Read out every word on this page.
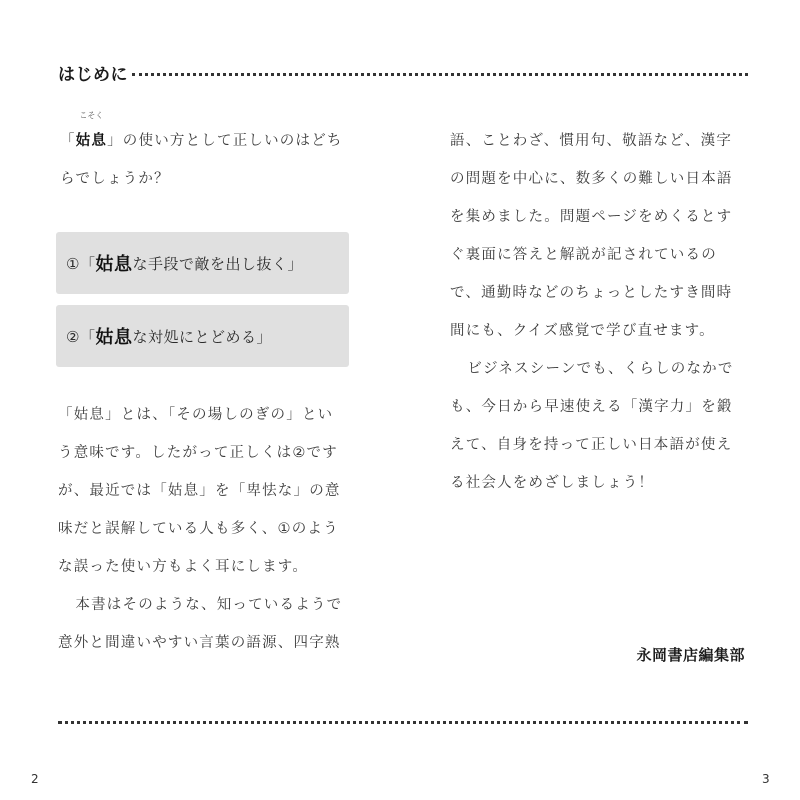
はじめに

「
こそく
姑息」の使い方として正しいのはどち

らでしょうか？

①「 姑息 な手段で敵を出し抜く」
②「 姑息 な対処にとどめる」

「姑息」とは、「その場しのぎの」とい

う意味です。したがって正しくは②です

が、最近では「姑息」を「卑怯な」の意

味だと誤解している人も多く、①のよう

な誤った使い方もよく耳にします。

本書はそのような、知っているようで

意外と間違いやすい言葉の語源、四字熟

語、ことわざ、慣用句、敬語など、漢字

の問題を中心に、数多くの難しい日本語

を集めました。問題ページをめくるとす

ぐ裏面に答えと解説が記されているの

で、通勤時などのちょっとしたすき間時

間にも、クイズ感覚で学び直せます。

ビジネスシーンでも、くらしのなかで

も、今日から早速使える「漢字力」を鍛

えて、自身を持って正しい日本語が使え

る社会人をめざしましょう！

永岡書店編集部
2	3
